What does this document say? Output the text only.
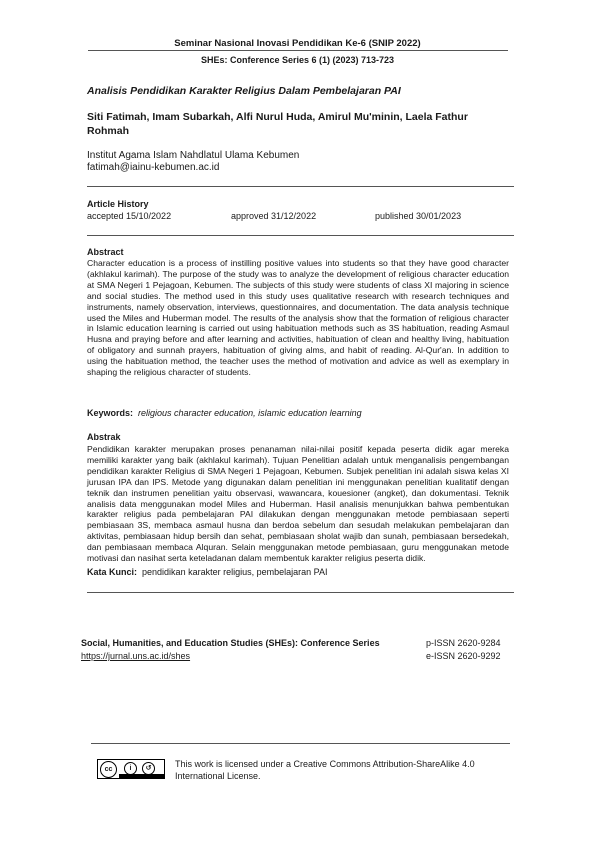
Seminar Nasional Inovasi Pendidikan Ke-6 (SNIP 2022)
SHEs: Conference Series 6 (1) (2023) 713-723
Analisis Pendidikan Karakter Religius Dalam Pembelajaran PAI
Siti Fatimah, Imam Subarkah, Alfi Nurul Huda, Amirul Mu'minin, Laela Fathur
Rohmah
Institut Agama Islam Nahdlatul Ulama Kebumen
fatimah@iainu-kebumen.ac.id
Article History
accepted 15/10/2022	approved 31/12/2022	published 30/01/2023
Abstract
Character education is a process of instilling positive values into students so that they have good character (akhlakul karimah). The purpose of the study was to analyze the development of religious character education at SMA Negeri 1 Pejagoan, Kebumen. The subjects of this study were students of class XI majoring in science and social studies. The method used in this study uses qualitative research with research techniques and instruments, namely observation, interviews, questionnaires, and documentation. The data analysis technique used the Miles and Huberman model. The results of the analysis show that the formation of religious character in Islamic education learning is carried out using habituation methods such as 3S habituation, reading Asmaul Husna and praying before and after learning and activities, habituation of clean and healthy living, habituation of obligatory and sunnah prayers, habituation of giving alms, and habit of reading. Al-Qur'an. In addition to using the habituation method, the teacher uses the method of motivation and advice as well as exemplary in shaping the religious character of students.
Keywords: religious character education, islamic education learning
Abstrak
Pendidikan karakter merupakan proses penanaman nilai-nilai positif kepada peserta didik agar mereka memiliki karakter yang baik (akhlakul karimah). Tujuan Penelitian adalah untuk menganalisis pengembangan pendidikan karakter Religius di SMA Negeri 1 Pejagoan, Kebumen. Subjek penelitian ini adalah siswa kelas XI jurusan IPA dan IPS. Metode yang digunakan dalam penelitian ini menggunakan penelitian kualitatif dengan teknik dan instrumen penelitian yaitu observasi, wawancara, kouesioner (angket), dan dokumentasi. Teknik analisis data menggunakan model Miles and Huberman. Hasil analisis menunjukkan bahwa pembentukan karakter religius pada pembelajaran PAI dilakukan dengan menggunakan metode pembiasaan seperti pembiasaan 3S, membaca asmaul husna dan berdoa sebelum dan sesudah melakukan pembelajaran dan aktivitas, pembiasaan hidup bersih dan sehat, pembiasaan sholat wajib dan sunah, pembiasaan bersedekah, dan pembiasaan membaca Alquran. Selain menggunakan metode pembiasaan, guru menggunakan metode motivasi dan nasihat serta keteladanan dalam membentuk karakter religius peserta didik.
Kata Kunci: pendidikan karakter religius, pembelajaran PAI
Social, Humanities, and Education Studies (SHEs): Conference Series
https://jurnal.uns.ac.id/shes
p-ISSN 2620-9284
e-ISSN 2620-9292
cc	i	↺	This work is licensed under a Creative Commons Attribution-ShareAlike 4.0 International License.
